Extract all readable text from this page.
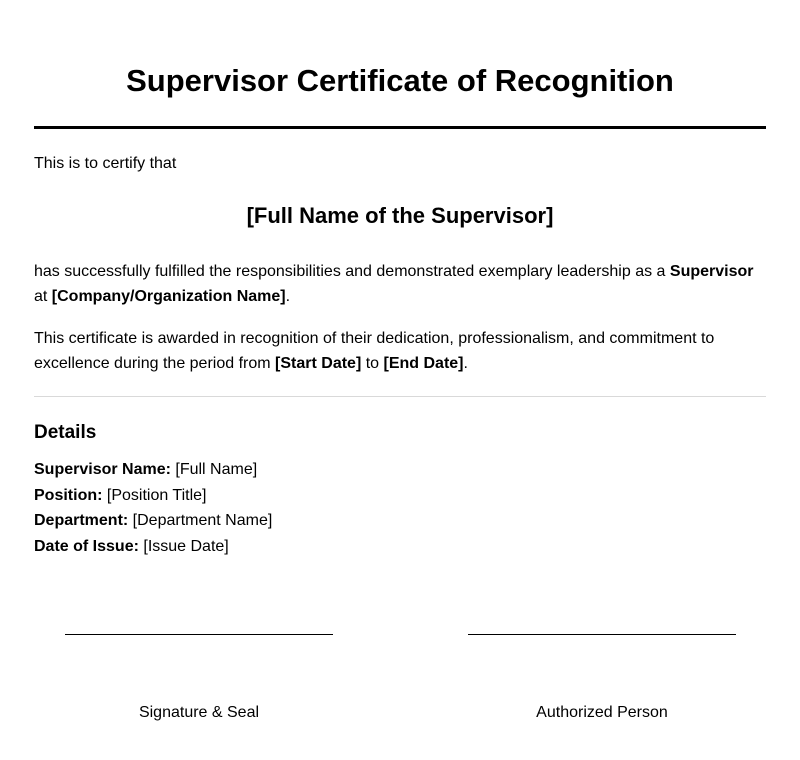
Supervisor Certificate of Recognition

This is to certify that

[Full Name of the Supervisor]

has successfully fulfilled the responsibilities and demonstrated exemplary leadership as a Supervisor at [Company/Organization Name].

This certificate is awarded in recognition of their dedication, professionalism, and commitment to excellence during the period from [Start Date] to [End Date].

Details
Supervisor Name: [Full Name]
Position: [Position Title]
Department: [Department Name]
Date of Issue: [Issue Date]
Signature & Seal	Authorized Person
